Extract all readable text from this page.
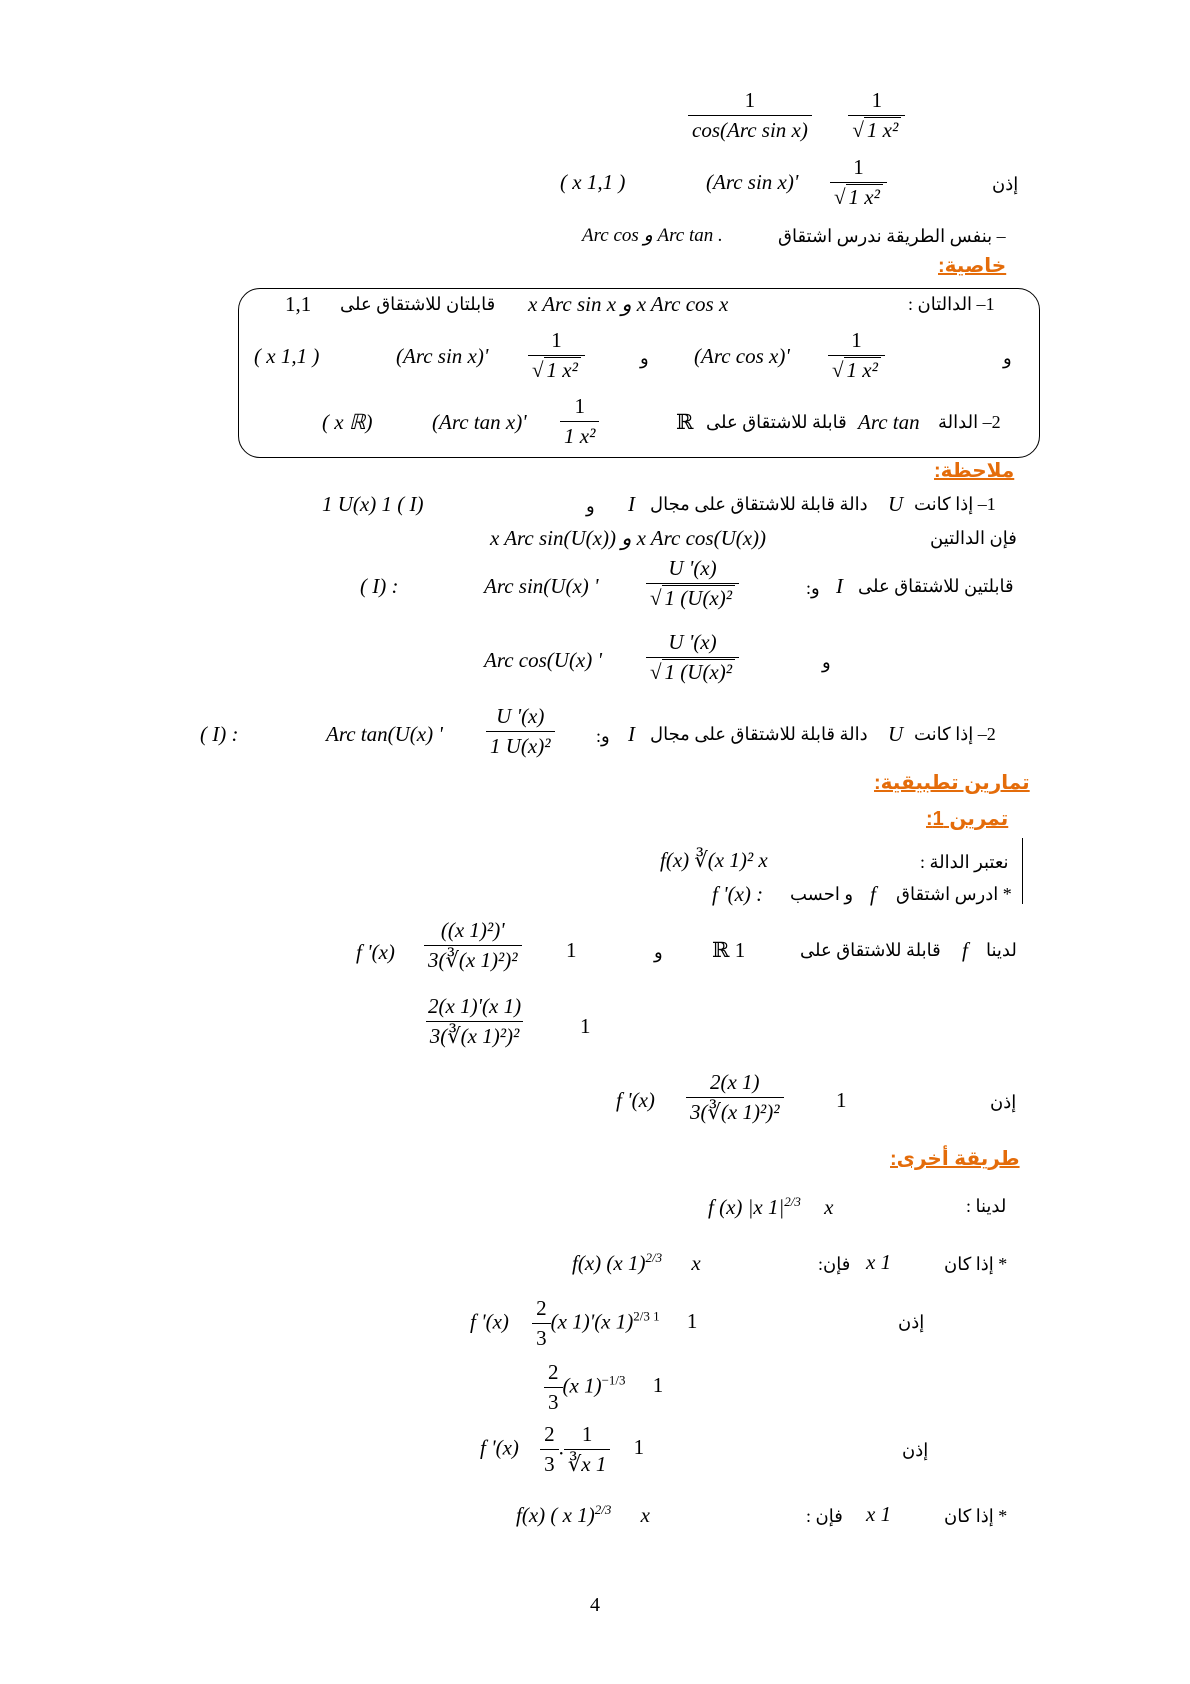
$\frac{1}{\text{cos(Arc sin x)}}$
$\frac{1}{\text{√ 1 x²}}$
( x 1,1 )	(Arc $\sin x)' \frac{1}{\text{√ 1 x²}}$	إذن
Arc cos و Arc tan .	– بنفس الطريقة ندرس اشتقاق
خاصية:
1,1 قابلتان للاشتقاق على x Arc sin x و x Arc cos x	1– الدالتان :
( x 1,1 )	(Arc $\sin x)' \frac{1}{\text{√ 1 x²}}$	و (Arc $\cos x)' \frac{1}{\text{√ 1 x²}}$	و
( x ℝ)	(Arc $\tan x)' \frac{1}{\text{1 x²}}$	ℝ قابلة للاشتقاق على Arc tan 2– الدالة
ملاحظة:
1 U(x) 1 ( I)	و I دالة قابلة للاشتقاق على مجال U 1– إذا كانت
x Arc sin(U(x)) و x Arc cos(U(x))	فإن الدالتين
( I) :	Arc sin(U(x) ' $\frac{U '(x)}{\text{√ 1 (U(x)²}}$	و: I قابلتين للاشتقاق على
Arc cos(U(x) ' $\frac{U '(x)}{\text{√ 1 (U(x)²}}$	و
( I) :	Arc tan(U(x) ' $\frac{U '(x)}{\text{1 U(x)²}}$ و: I دالة قابلة للاشتقاق على مجال U 2– إذا كانت
تمارين تطبيقية:
تمرين 1:
f(x) ∛(x 1)² x	نعتبر الدالة :
f '(x) : و احسب f * ادرس اشتقاق
f '$(x) \frac{\text{((x 1)²)'}}{\text{3(∛(x 1)²)²}} 1$	و ℝ 1	قابلة للاشتقاق على f لدينا
$\frac{2(x 1)'(x 1)}{\text{3(∛(x 1)²)²}}$	1
f '$(x) \frac{2(x 1)}{\text{3(∛(x 1)²)²}} 1$	إذن
طريقة أخرى:
f (x) |x $1|^{2/3}$ x	لدينا :
f(x) (x 1)$^{2/3}$ x	فإن: x 1	* إذا كان
f '$(x) \frac{2}{3} (x$ 1)'(x 1)$^{2/3 1}$ 1	إذن
$\frac{2}{3} (x$ 1)$^{-1/3}$ 1
f '$(x) \frac{2}{3}$ . $\frac{1}{∛x 1} 1$	إذن
f(x) ( x 1)$^{2/3}$ x	فإن : x 1	* إذا كان
4
